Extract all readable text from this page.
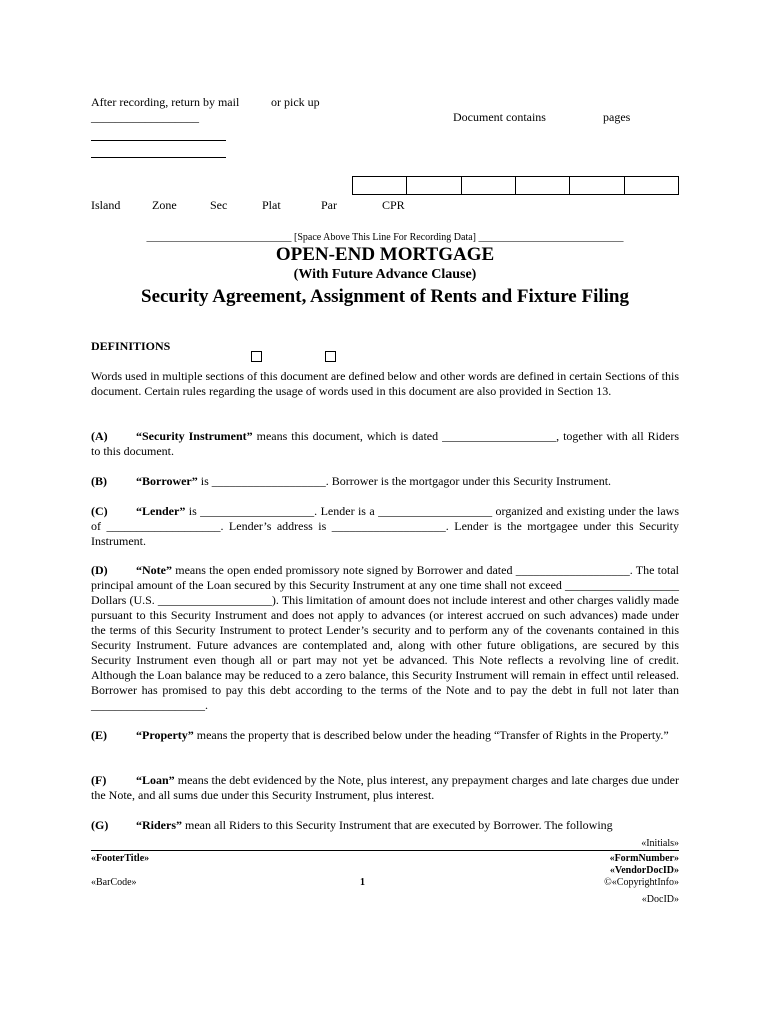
After recording, return by mail	or pick up
__________________	Document contains	pages
Island	Zone	Sec	Plat	Par	CPR
_____________________________ [Space Above This Line For Recording Data] _____________________________
OPEN-END MORTGAGE
(With Future Advance Clause)
Security Agreement, Assignment of Rents and Fixture Filing
DEFINITIONS

Words used in multiple sections of this document are defined below and other words are defined in certain Sections of this document. Certain rules regarding the usage of words used in this document are also provided in Section 13.

(A) “Security Instrument” means this document, which is dated ___________________, together with all Riders to this document.

(B) “Borrower” is ___________________. Borrower is the mortgagor under this Security Instrument.

(C) “Lender” is ___________________. Lender is a ___________________ organized and existing under the laws of ___________________. Lender’s address is ___________________. Lender is the mortgagee under this Security Instrument.

(D) “Note” means the open ended promissory note signed by Borrower and dated ___________________. The total principal amount of the Loan secured by this Security Instrument at any one time shall not exceed ___________________ Dollars (U.S. ___________________). This limitation of amount does not include interest and other charges validly made pursuant to this Security Instrument and does not apply to advances (or interest accrued on such advances) made under the terms of this Security Instrument to protect Lender’s security and to perform any of the covenants contained in this Security Instrument. Future advances are contemplated and, along with other future obligations, are secured by this Security Instrument even though all or part may not yet be advanced. This Note reflects a revolving line of credit. Although the Loan balance may be reduced to a zero balance, this Security Instrument will remain in effect until released. Borrower has promised to pay this debt according to the terms of the Note and to pay the debt in full not later than ___________________.

(E) “Property” means the property that is described below under the heading “Transfer of Rights in the Property.”

(F) “Loan” means the debt evidenced by the Note, plus interest, any prepayment charges and late charges due under the Note, and all sums due under this Security Instrument, plus interest.

(G) “Riders” mean all Riders to this Security Instrument that are executed by Borrower. The following

«Initials»
«FooterTitle»	«FormNumber»
«VendorDocID»
«BarCode»	1	©«CopyrightInfo»
«DocID»
